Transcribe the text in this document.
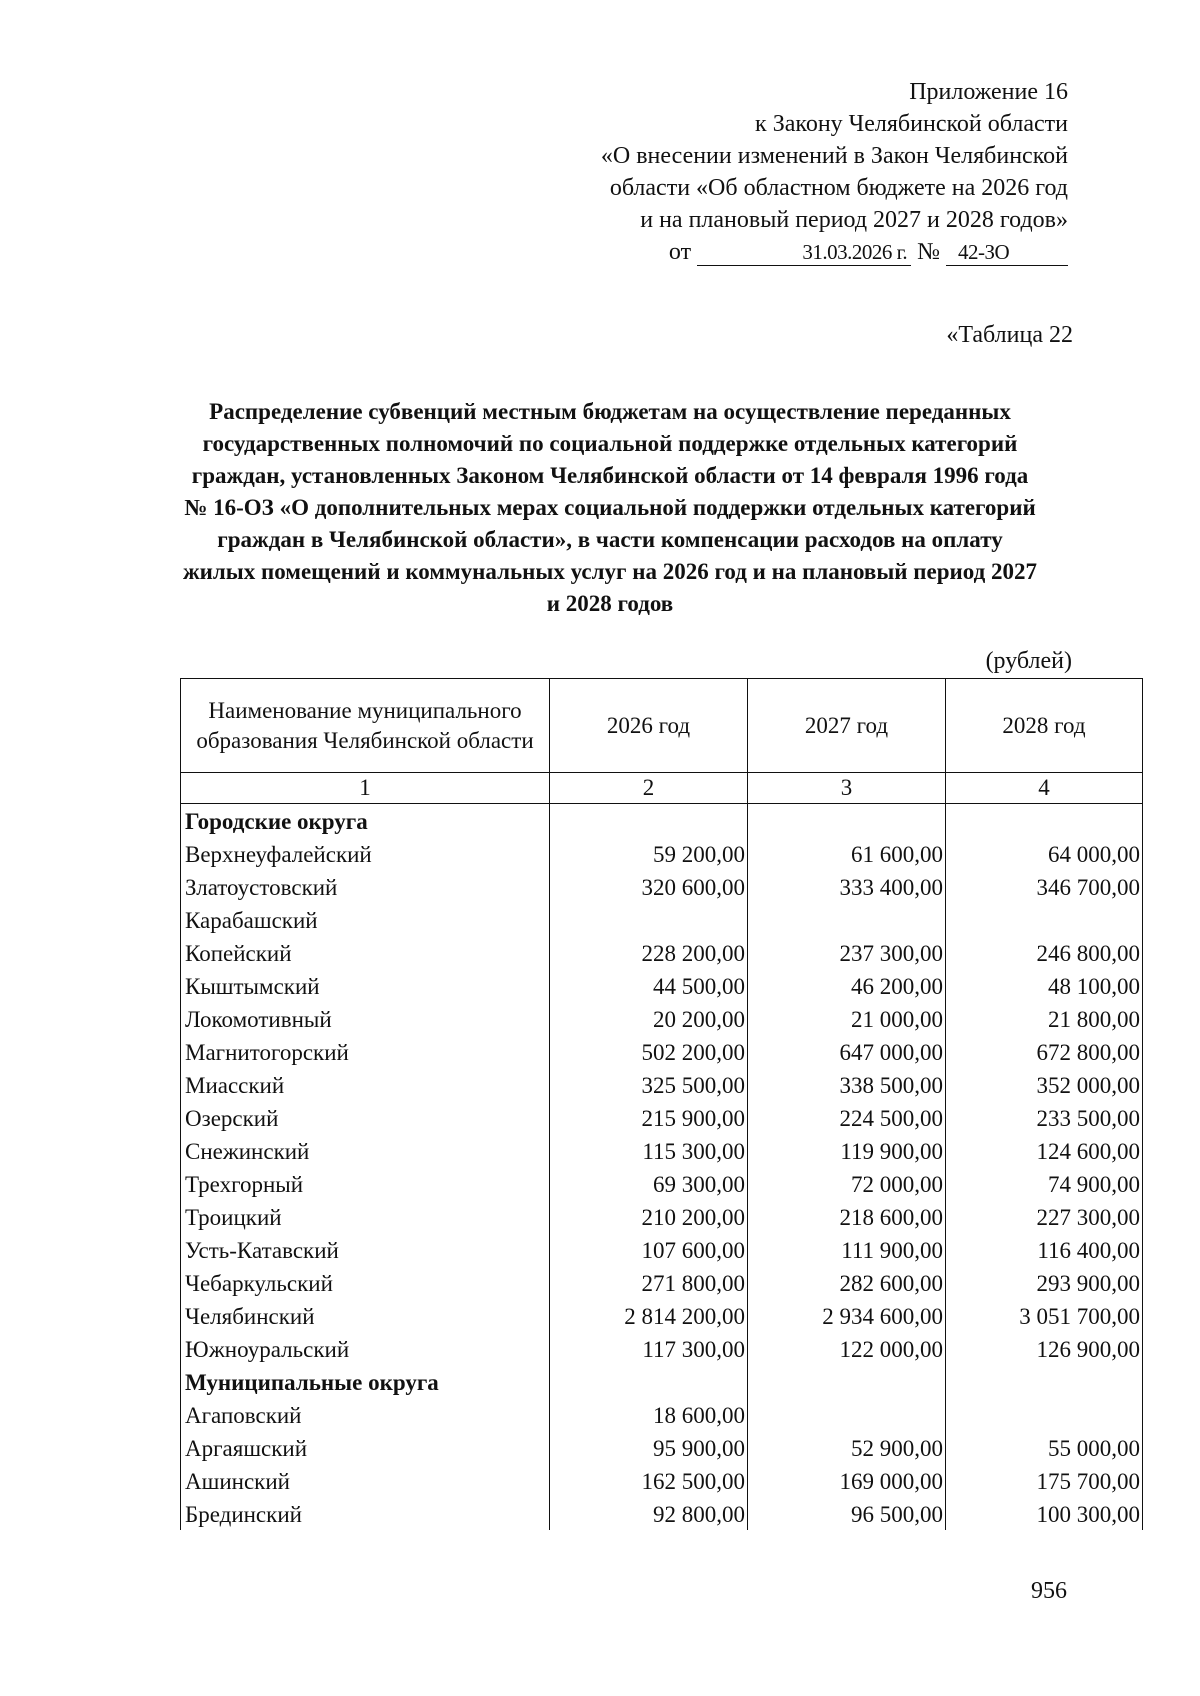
Приложение 16
к Закону Челябинской области
«О внесении изменений в Закон Челябинской
области «Об областном бюджете на 2026 год
и на плановый период 2027 и 2028 годов»
от	31.03.2026 г. № 42-ЗО
«Таблица 22
Распределение субвенций местным бюджетам на осуществление переданных государственных полномочий по социальной поддержке отдельных категорий граждан, установленных Законом Челябинской области от 14 февраля 1996 года № 16-ОЗ «О дополнительных мерах социальной поддержки отдельных категорий граждан в Челябинской области», в части компенсации расходов на оплату жилых помещений и коммунальных услуг на 2026 год и на плановый период 2027 и 2028 годов
(рублей)
Наименование муниципального образования Челябинской области	2026 год	2027 год	2028 год
1	2	3	4
Городские округа			
Верхнеуфалейский	59 200,00	61 600,00	64 000,00
Златоустовский	320 600,00	333 400,00	346 700,00
Карабашский			
Копейский	228 200,00	237 300,00	246 800,00
Кыштымский	44 500,00	46 200,00	48 100,00
Локомотивный	20 200,00	21 000,00	21 800,00
Магнитогорский	502 200,00	647 000,00	672 800,00
Миасский	325 500,00	338 500,00	352 000,00
Озерский	215 900,00	224 500,00	233 500,00
Снежинский	115 300,00	119 900,00	124 600,00
Трехгорный	69 300,00	72 000,00	74 900,00
Троицкий	210 200,00	218 600,00	227 300,00
Усть-Катавский	107 600,00	111 900,00	116 400,00
Чебаркульский	271 800,00	282 600,00	293 900,00
Челябинский	2 814 200,00	2 934 600,00	3 051 700,00
Южноуральский	117 300,00	122 000,00	126 900,00
Муниципальные округа			
Агаповский	18 600,00		
Аргаяшский	95 900,00	52 900,00	55 000,00
Ашинский	162 500,00	169 000,00	175 700,00
Брединский	92 800,00	96 500,00	100 300,00
956
